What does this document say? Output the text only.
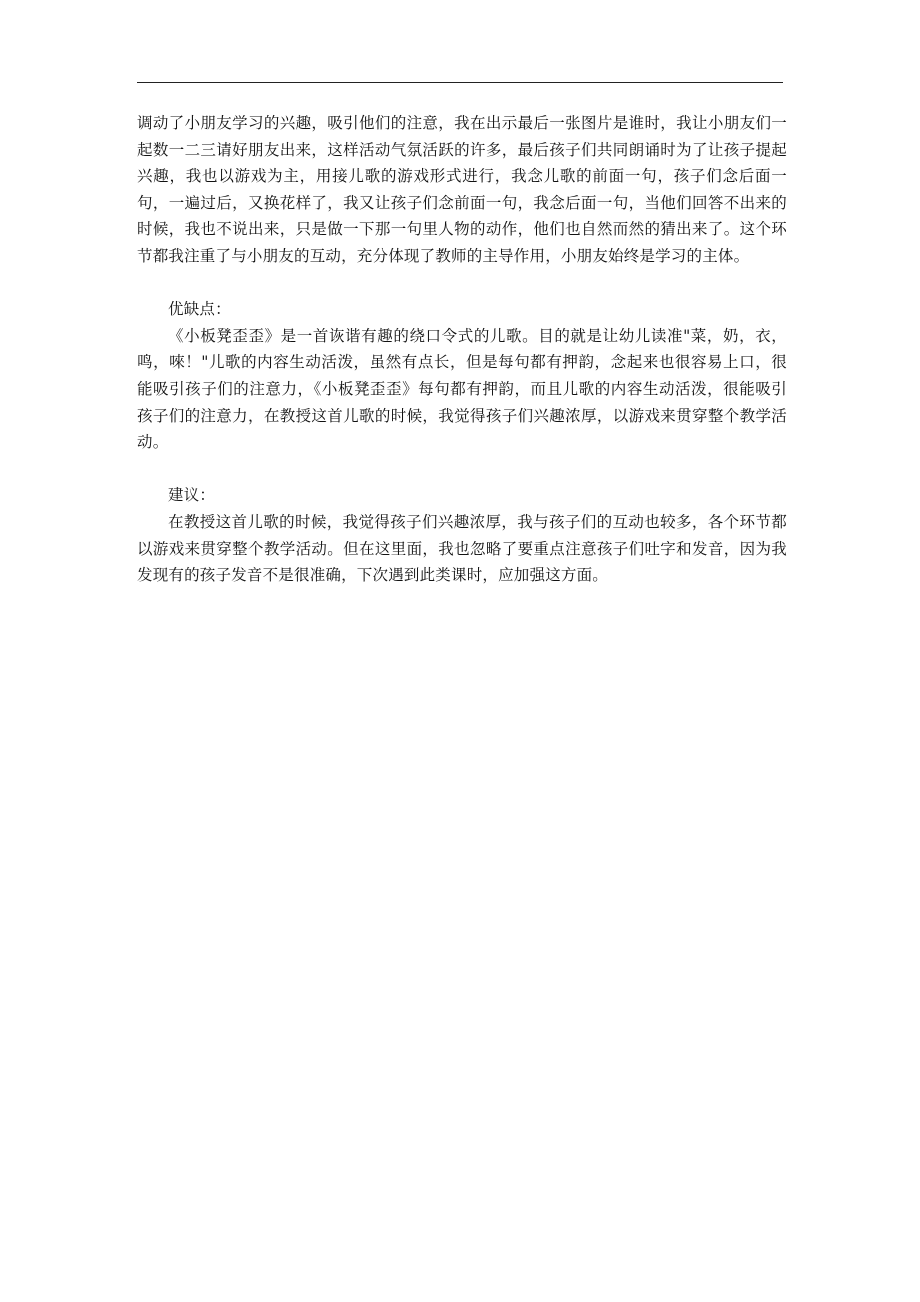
调动了小朋友学习的兴趣，吸引他们的注意，我在出示最后一张图片是谁时，我让小朋友们一起数一二三请好朋友出来，这样活动气氛活跃的许多，最后孩子们共同朗诵时为了让孩子提起兴趣，我也以游戏为主，用接儿歌的游戏形式进行，我念儿歌的前面一句，孩子们念后面一句，一遍过后，又换花样了，我又让孩子们念前面一句，我念后面一句，当他们回答不出来的时候，我也不说出来，只是做一下那一句里人物的动作，他们也自然而然的猜出来了。这个环节都我注重了与小朋友的互动，充分体现了教师的主导作用，小朋友始终是学习的主体。

优缺点：

《小板凳歪歪》是一首诙谐有趣的绕口令式的儿歌。目的就是让幼儿读准"菜，奶，衣，鸣，唻！"儿歌的内容生动活泼，虽然有点长，但是每句都有押韵，念起来也很容易上口，很能吸引孩子们的注意力，《小板凳歪歪》每句都有押韵，而且儿歌的内容生动活泼，很能吸引孩子们的注意力，在教授这首儿歌的时候，我觉得孩子们兴趣浓厚，以游戏来贯穿整个教学活动。

建议：

在教授这首儿歌的时候，我觉得孩子们兴趣浓厚，我与孩子们的互动也较多，各个环节都以游戏来贯穿整个教学活动。但在这里面，我也忽略了要重点注意孩子们吐字和发音，因为我发现有的孩子发音不是很准确，下次遇到此类课时，应加强这方面。
